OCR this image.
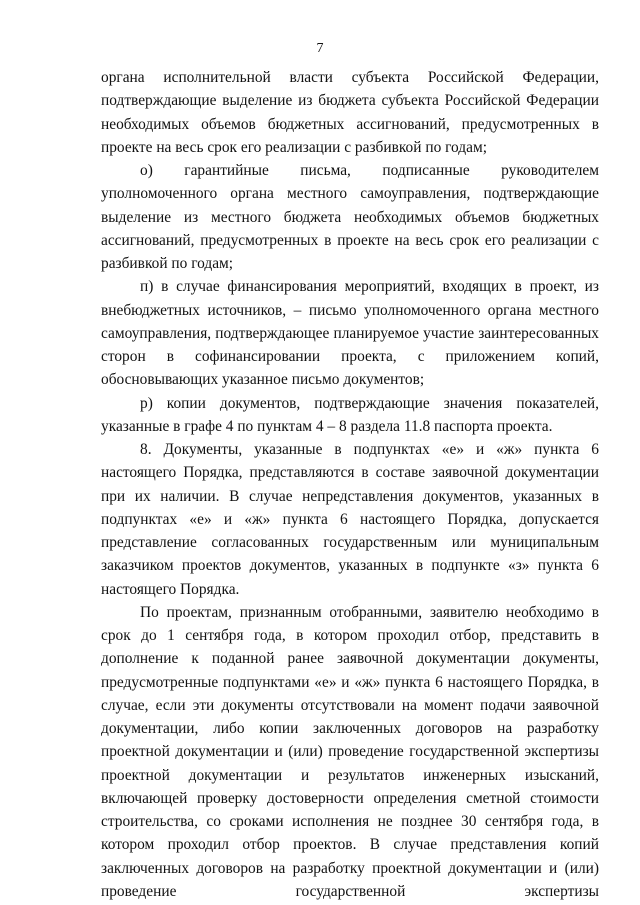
7

органа исполнительной власти субъекта Российской Федерации, подтверждающие выделение из бюджета субъекта Российской Федерации необходимых объемов бюджетных ассигнований, предусмотренных в проекте на весь срок его реализации с разбивкой по годам;

о) гарантийные письма, подписанные руководителем уполномоченного органа местного самоуправления, подтверждающие выделение из местного бюджета необходимых объемов бюджетных ассигнований, предусмотренных в проекте на весь срок его реализации с разбивкой по годам;

п) в случае финансирования мероприятий, входящих в проект, из внебюджетных источников, – письмо уполномоченного органа местного самоуправления, подтверждающее планируемое участие заинтересованных сторон в софинансировании проекта, с приложением копий, обосновывающих указанное письмо документов;

р) копии документов, подтверждающие значения показателей, указанные в графе 4 по пунктам 4 – 8 раздела 11.8 паспорта проекта.

8. Документы, указанные в подпунктах «е» и «ж» пункта 6 настоящего Порядка, представляются в составе заявочной документации при их наличии. В случае непредставления документов, указанных в подпунктах «е» и «ж» пункта 6 настоящего Порядка, допускается представление согласованных государственным или муниципальным заказчиком проектов документов, указанных в подпункте «з» пункта 6 настоящего Порядка.

По проектам, признанным отобранными, заявителю необходимо в срок до 1 сентября года, в котором проходил отбор, представить в дополнение к поданной ранее заявочной документации документы, предусмотренные подпунктами «е» и «ж» пункта 6 настоящего Порядка, в случае, если эти документы отсутствовали на момент подачи заявочной документации, либо копии заключенных договоров на разработку проектной документации и (или) проведение государственной экспертизы проектной документации и результатов инженерных изысканий, включающей проверку достоверности определения сметной стоимости строительства, со сроками исполнения не позднее 30 сентября года, в котором проходил отбор проектов. В случае представления копий заключенных договоров на разработку проектной документации и (или) проведение государственной экспертизы
